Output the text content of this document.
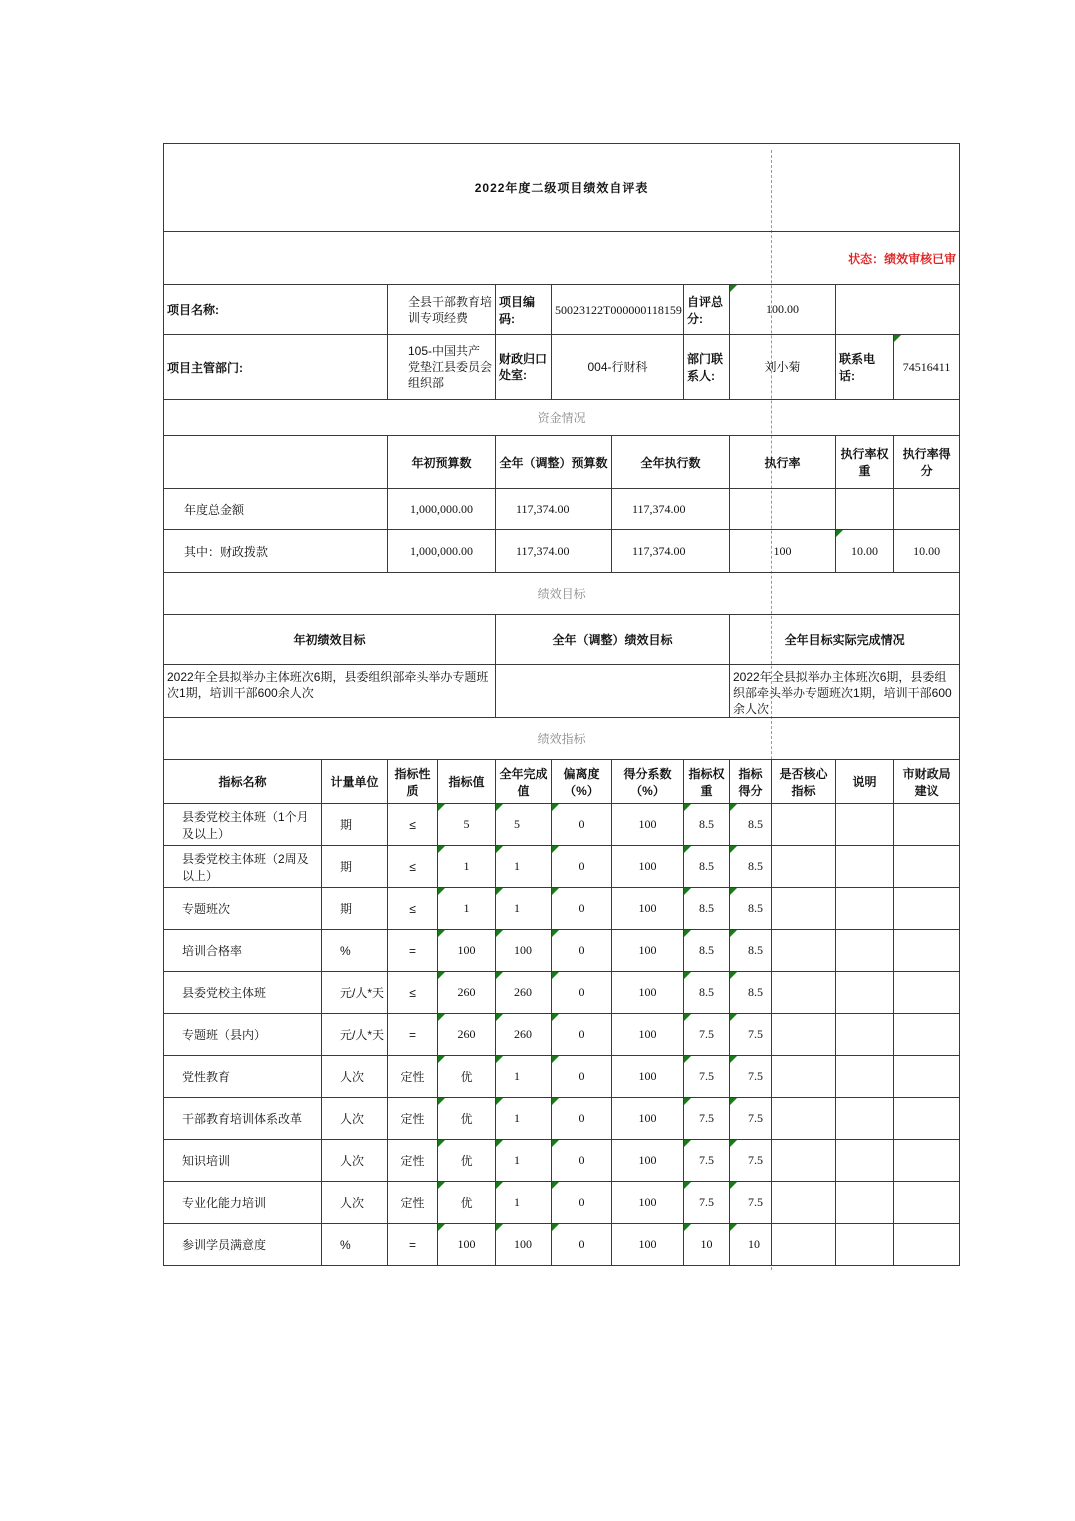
2022年度二级项目绩效自评表											
状态：绩效审核已审											
项目名称:		全县干部教育培训专项经费		项目编码:	50023122T000000118159		自评总分:	100.00			
项目主管部门:		105-中国共产党垫江县委员会组织部		财政归口处室:	004-行财科		部门联系人:	刘小菊		联系电话:	74516411
资金情况											
		年初预算数		全年（调整）预算数		全年执行数		执行率		执行率权重	执行率得分
年度总金额		1,000,000.00		117,374.00		117,374.00					
其中：财政拨款		1,000,000.00		117,374.00		117,374.00		100		10.00	10.00
绩效目标											
年初绩效目标				全年（调整）绩效目标				全年目标实际完成情况			
2022年全县拟举办主体班次6期，县委组织部牵头举办专题班次1期，培训干部600余人次								2022年全县拟举办主体班次6期，县委组织部牵头举办专题班次1期，培训干部600余人次			
绩效指标											
指标名称	计量单位	指标性质	指标值	全年完成值	偏离度（%）	得分系数（%）	指标权重	指标得分	是否核心指标	说明	市财政局建议
县委党校主体班（1个月及以上）	期	≤	5	5	0	100	8.5	8.5			
县委党校主体班（2周及以上）	期	≤	1	1	0	100	8.5	8.5			
专题班次	期	≤	1	1	0	100	8.5	8.5			
培训合格率	%	=	100	100	0	100	8.5	8.5			
县委党校主体班	元/人*天	≤	260	260	0	100	8.5	8.5			
专题班（县内）	元/人*天	=	260	260	0	100	7.5	7.5			
党性教育	人次	定性	优	1	0	100	7.5	7.5			
干部教育培训体系改革	人次	定性	优	1	0	100	7.5	7.5			
知识培训	人次	定性	优	1	0	100	7.5	7.5			
专业化能力培训	人次	定性	优	1	0	100	7.5	7.5			
参训学员满意度	%	=	100	100	0	100	10	10			
